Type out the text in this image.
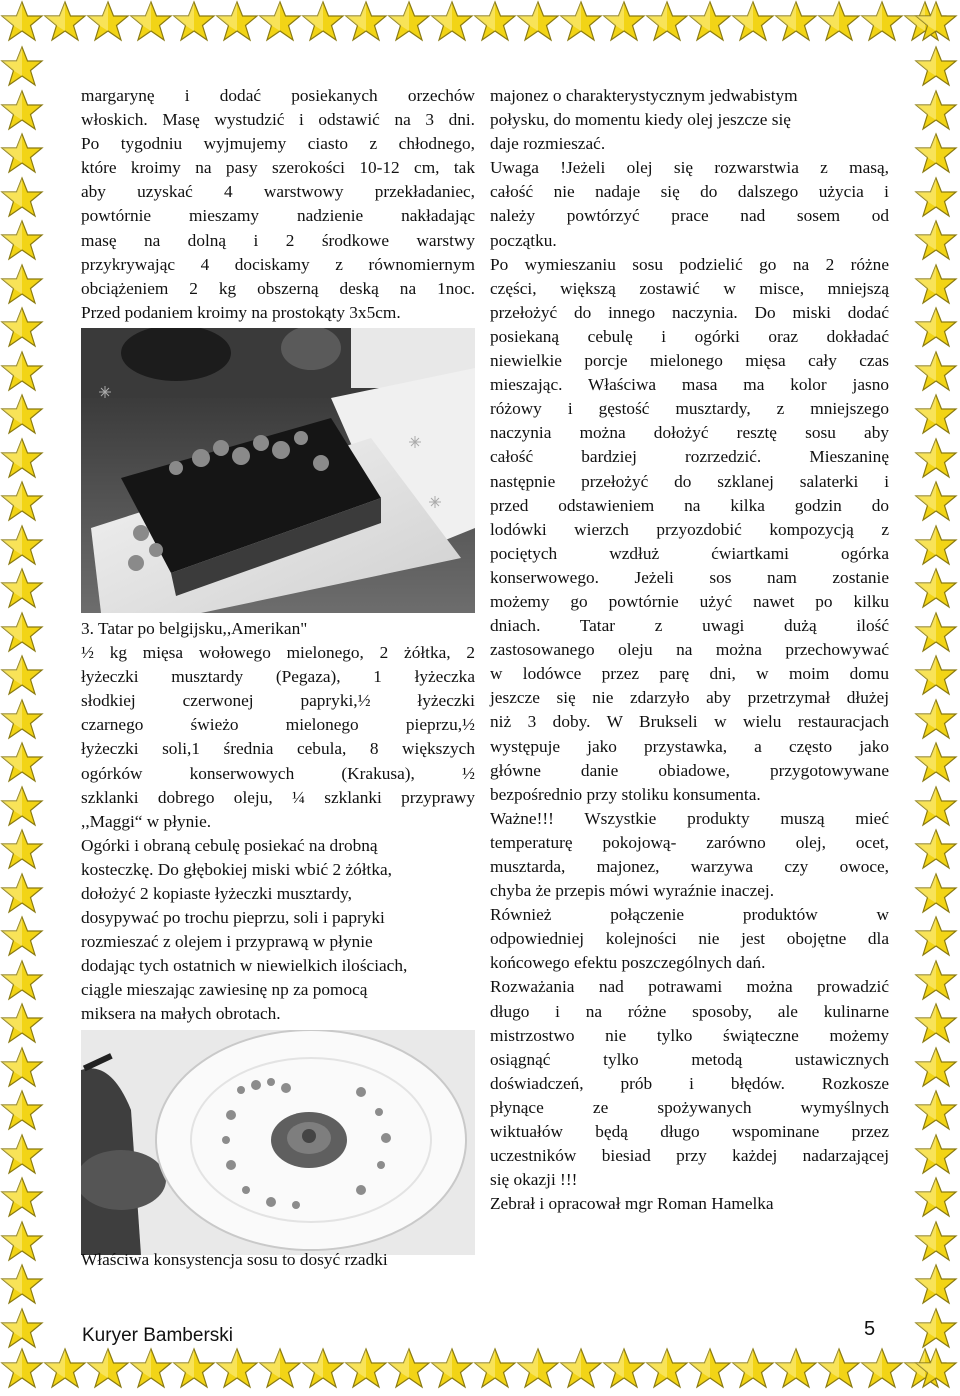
margarynę i dodać posiekanych orzechów

włoskich. Masę wystudzić i odstawić na 3 dni.

Po tygodniu wyjmujemy ciasto z chłodnego,

które kroimy na pasy szerokości 10-12 cm, tak

aby uzyskać 4 warstwowy przekładaniec,

powtórnie mieszamy nadzienie nakładając

masę na dolną i 2 środkowe warstwy

przykrywając 4 dociskamy z równomiernym

obciążeniem 2 kg obszerną deską na 1noc.

Przed podaniem kroimy na prostokąty 3x5cm.

3. Tatar po belgijsku,,Amerikan"

½ kg mięsa wołowego mielonego, 2 żółtka, 2

łyżeczki musztardy (Pegaza), 1 łyżeczka

słodkiej czerwonej papryki,½ łyżeczki

czarnego świeżo mielonego pieprzu,½

łyżeczki soli,1 średnia cebula, 8 większych

ogórków konserwowych (Krakusa), ½

szklanki dobrego oleju, ¼ szklanki przyprawy

,,Maggi“ w płynie.

Ogórki i obraną cebulę posiekać na drobną

kosteczkę. Do głębokiej miski wbić 2 żółtka,

dołożyć 2 kopiaste łyżeczki musztardy,

dosypywać po trochu pieprzu, soli i papryki

rozmieszać z olejem i przyprawą w płynie

dodając tych ostatnich w niewielkich ilościach,

ciągle mieszając zawiesinę np za pomocą

miksera na małych obrotach.

Właściwa konsystencja sosu to dosyć rzadki

majonez o charakterystycznym jedwabistym

połysku, do momentu kiedy olej jeszcze się

daje rozmieszać.

Uwaga !Jeżeli olej się rozwarstwia z masą,

całość nie nadaje się do dalszego użycia i

należy powtórzyć prace nad sosem od

początku.

Po wymieszaniu sosu podzielić go na 2 różne

części, większą zostawić w misce, mniejszą

przełożyć do innego naczynia. Do miski dodać

posiekaną cebulę i ogórki oraz dokładać

niewielkie porcje mielonego mięsa cały czas

mieszając. Właściwa masa ma kolor jasno

różowy i gęstość musztardy, z mniejszego

naczynia można dołożyć resztę sosu aby

całość bardziej rozrzedzić. Mieszaninę

następnie przełożyć do szklanej salaterki i

przed odstawieniem na kilka godzin do

lodówki wierzch przyozdobić kompozycją z

pociętych wzdłuż ćwiartkami ogórka

konserwowego. Jeżeli sos nam zostanie

możemy go powtórnie użyć nawet po kilku

dniach. Tatar z uwagi dużą ilość

zastosowanego oleju na można przechowywać

w lodówce przez parę dni, w moim domu

jeszcze się nie zdarzyło aby przetrzymał dłużej

niż 3 doby. W Brukseli w wielu restauracjach

występuje jako przystawka, a często jako

główne danie obiadowe, przygotowywane

bezpośrednio przy stoliku konsumenta.

Ważne!!! Wszystkie produkty muszą mieć

temperaturę pokojową- zarówno olej, ocet,

musztarda, majonez, warzywa czy owoce,

chyba że przepis mówi wyraźnie inaczej.

Również połączenie produktów w

odpowiedniej kolejności nie jest obojętne dla

końcowego efektu poszczególnych dań.

Rozważania nad potrawami można prowadzić

długo i na różne sposoby, ale kulinarne

mistrzostwo nie tylko świąteczne możemy

osiągnąć tylko metodą ustawicznych

doświadczeń, prób i błędów. Rozkosze

płynące ze spożywanych wymyślnych

wiktuałów będą długo wspominane przez

uczestników biesiad przy każdej nadarzającej

się okazji !!!

Zebrał i opracował mgr Roman Hamelka

Kuryer Bamberski	5
